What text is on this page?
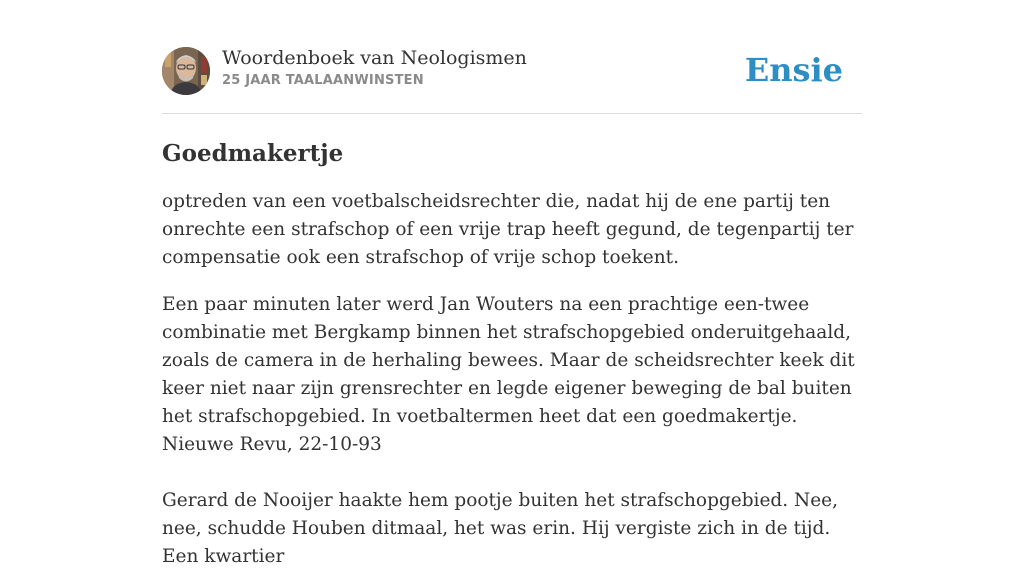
Woordenboek van Neologismen
25 JAAR TAALAANWINSTEN	Ensie
Goedmakertje

optreden van een voetbalscheidsrechter die, nadat hij de ene partij ten onrechte een strafschop of een vrije trap heeft gegund, de tegenpartij ter compensatie ook een strafschop of vrije schop toekent.

Een paar minuten later werd Jan Wouters na een prachtige een-twee combinatie met Bergkamp binnen het strafschopgebied onderuitgehaald, zoals de camera in de herhaling bewees. Maar de scheidsrechter keek dit keer niet naar zijn grensrechter en legde eigener beweging de bal buiten het strafschopgebied. In voetbaltermen heet dat een goedmakertje. Nieuwe Revu, 22-10-93

Gerard de Nooijer haakte hem pootje buiten het strafschopgebied. Nee, nee, schudde Houben ditmaal, het was erin. Hij vergiste zich in de tijd. Een kwartier
